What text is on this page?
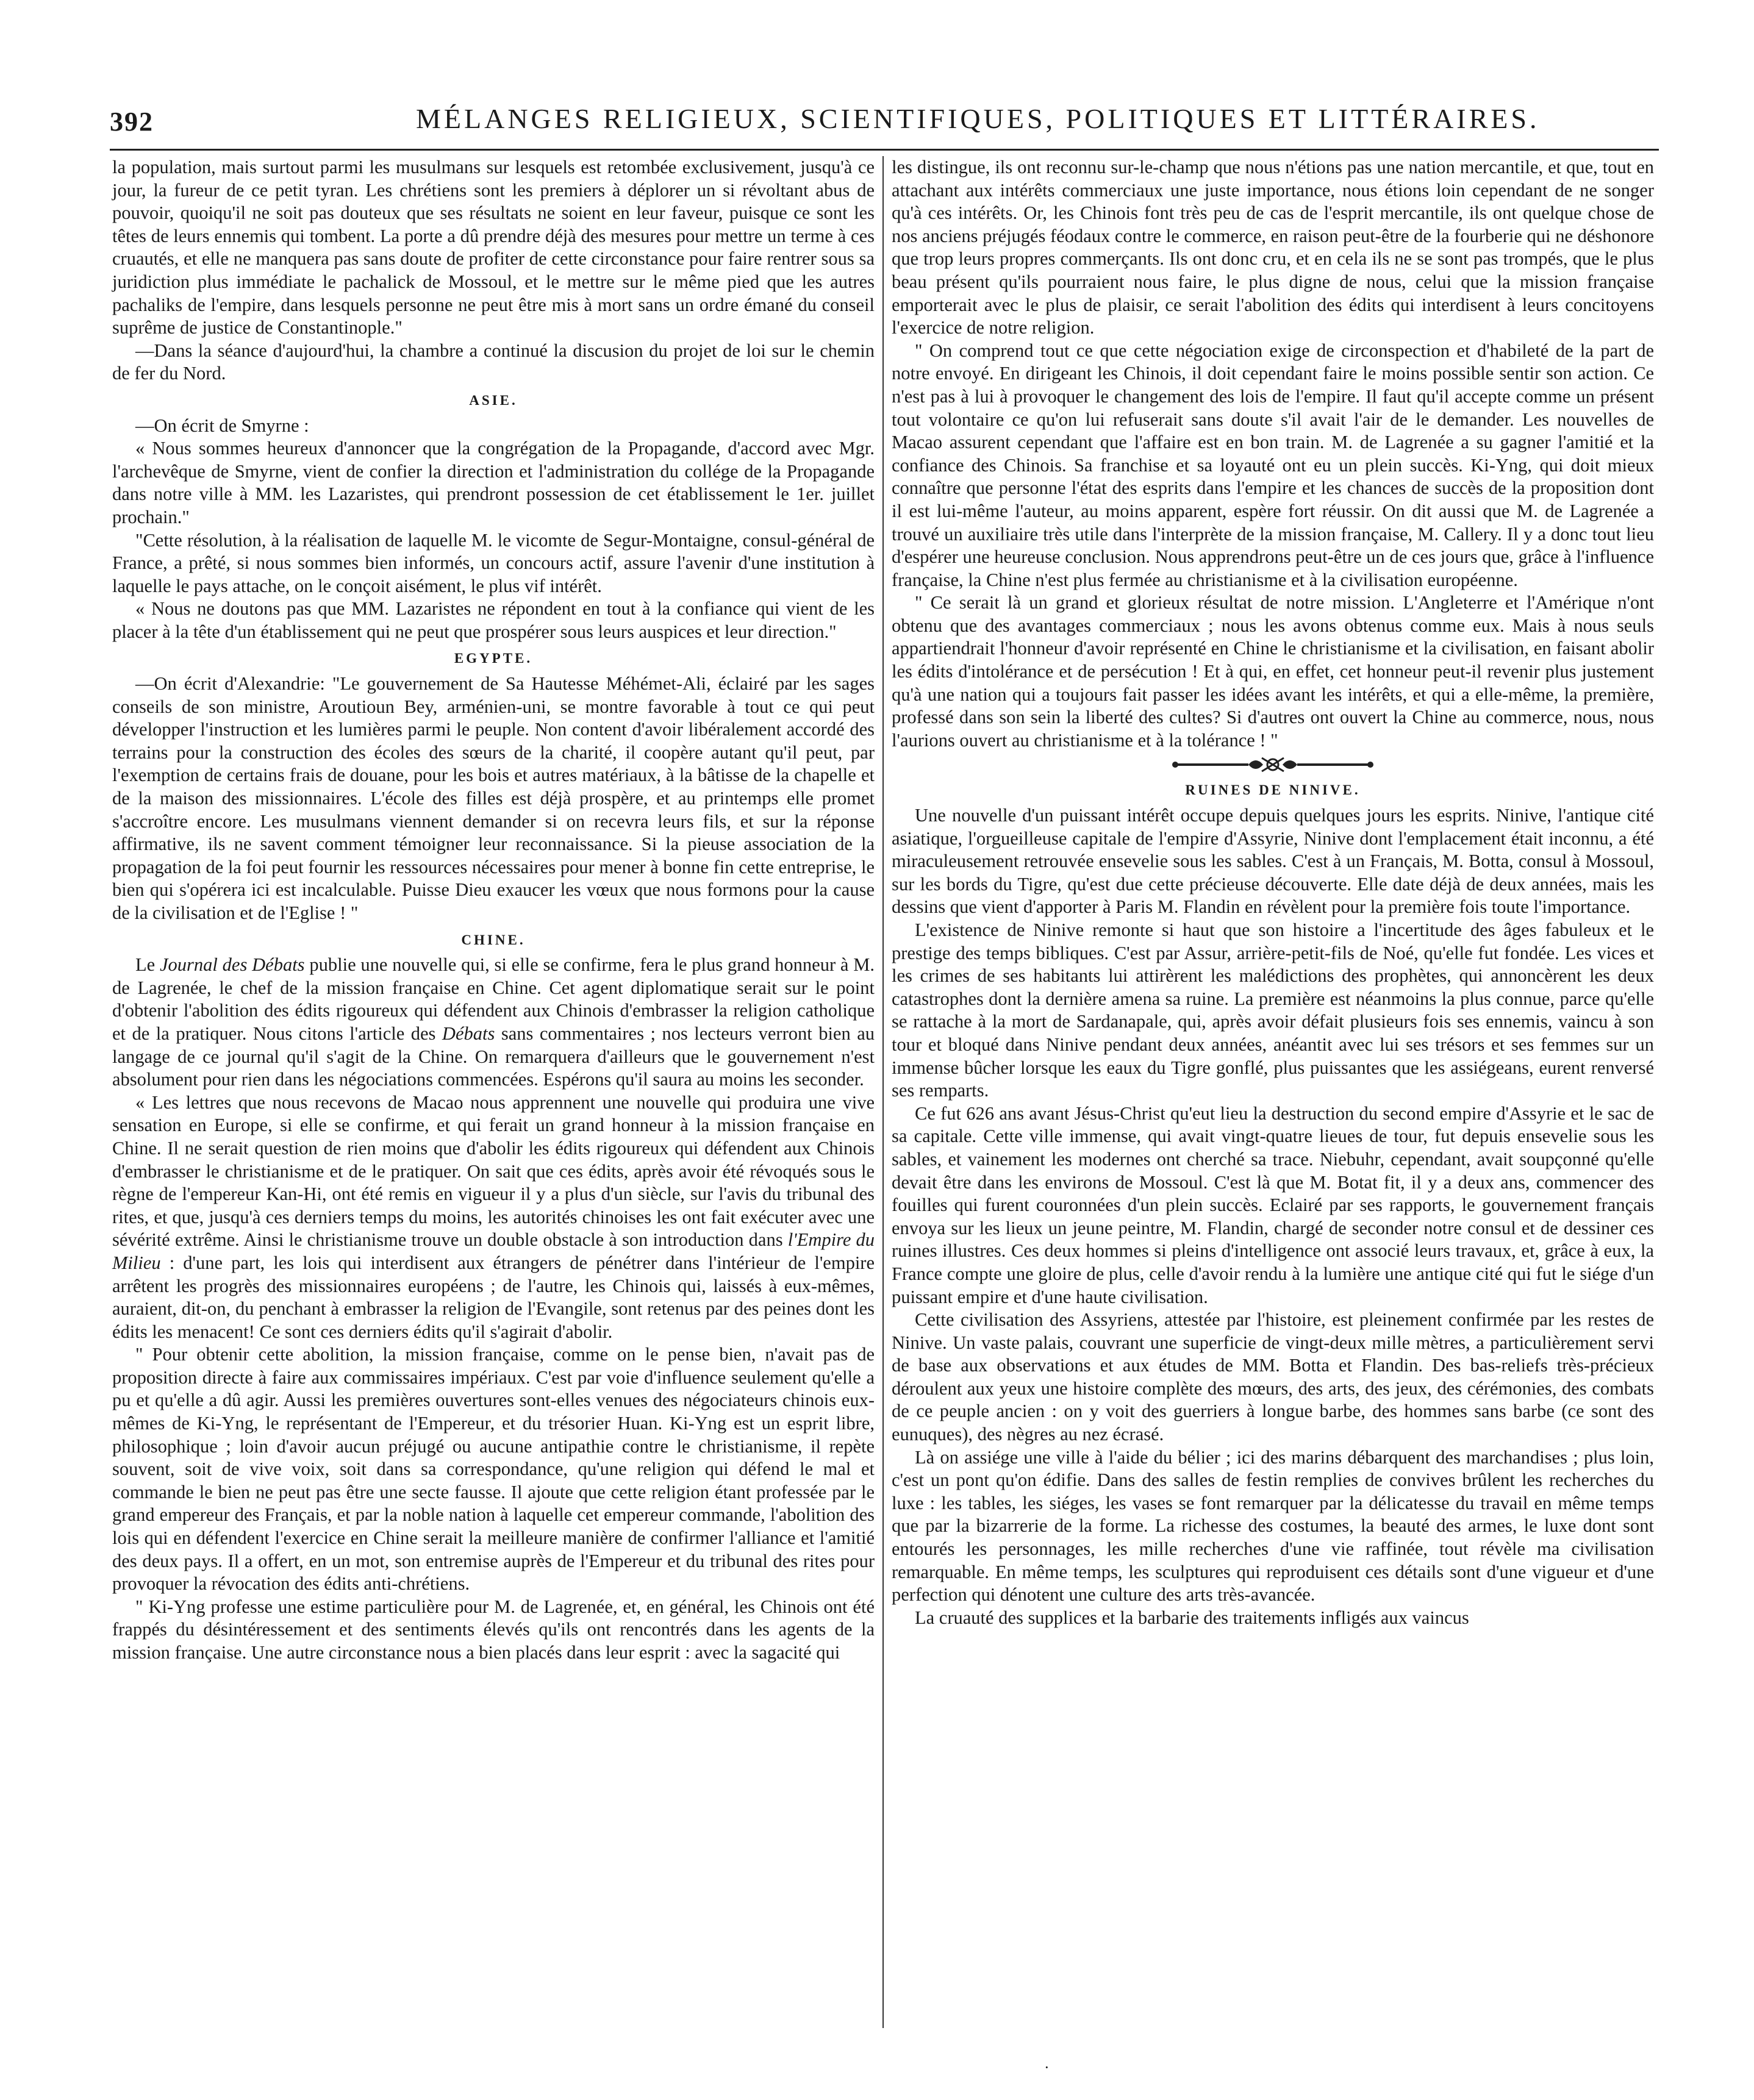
392	MÉLANGES RELIGIEUX, SCIENTIFIQUES, POLITIQUES ET LITTÉRAIRES.

la population, mais surtout parmi les musulmans sur lesquels est retombée exclusivement, jusqu'à ce jour, la fureur de ce petit tyran. Les chrétiens sont les premiers à déplorer un si révoltant abus de pouvoir, quoiqu'il ne soit pas douteux que ses résultats ne soient en leur faveur, puisque ce sont les têtes de leurs ennemis qui tombent. La porte a dû prendre déjà des mesures pour mettre un terme à ces cruautés, et elle ne manquera pas sans doute de profiter de cette circonstance pour faire rentrer sous sa juridiction plus immédiate le pachalick de Mossoul, et le mettre sur le même pied que les autres pachaliks de l'empire, dans lesquels personne ne peut être mis à mort sans un ordre émané du conseil suprême de justice de Constantinople."

—Dans la séance d'aujourd'hui, la chambre a continué la discusion du projet de loi sur le chemin de fer du Nord.

ASIE.

—On écrit de Smyrne :

« Nous sommes heureux d'annoncer que la congrégation de la Propagande, d'accord avec Mgr. l'archevêque de Smyrne, vient de confier la direction et l'administration du collége de la Propagande dans notre ville à MM. les Lazaristes, qui prendront possession de cet établissement le 1er. juillet prochain."

"Cette résolution, à la réalisation de laquelle M. le vicomte de Segur-Montaigne, consul-général de France, a prêté, si nous sommes bien informés, un concours actif, assure l'avenir d'une institution à laquelle le pays attache, on le conçoit aisément, le plus vif intérêt.

« Nous ne doutons pas que MM. Lazaristes ne répondent en tout à la confiance qui vient de les placer à la tête d'un établissement qui ne peut que prospérer sous leurs auspices et leur direction."

EGYPTE.

—On écrit d'Alexandrie: "Le gouvernement de Sa Hautesse Méhémet-Ali, éclairé par les sages conseils de son ministre, Aroutioun Bey, arménien-uni, se montre favorable à tout ce qui peut développer l'instruction et les lumières parmi le peuple. Non content d'avoir libéralement accordé des terrains pour la construction des écoles des sœurs de la charité, il coopère autant qu'il peut, par l'exemption de certains frais de douane, pour les bois et autres matériaux, à la bâtisse de la chapelle et de la maison des missionnaires. L'école des filles est déjà prospère, et au printemps elle promet s'accroître encore. Les musulmans viennent demander si on recevra leurs fils, et sur la réponse affirmative, ils ne savent comment témoigner leur reconnaissance. Si la pieuse association de la propagation de la foi peut fournir les ressources nécessaires pour mener à bonne fin cette entreprise, le bien qui s'opérera ici est incalculable. Puisse Dieu exaucer les vœux que nous formons pour la cause de la civilisation et de l'Eglise ! "

CHINE.

Le Journal des Débats publie une nouvelle qui, si elle se confirme, fera le plus grand honneur à M. de Lagrenée, le chef de la mission française en Chine. Cet agent diplomatique serait sur le point d'obtenir l'abolition des édits rigoureux qui défendent aux Chinois d'embrasser la religion catholique et de la pratiquer. Nous citons l'article des Débats sans commentaires ; nos lecteurs verront bien au langage de ce journal qu'il s'agit de la Chine. On remarquera d'ailleurs que le gouvernement n'est absolument pour rien dans les négociations commencées. Espérons qu'il saura au moins les seconder.

« Les lettres que nous recevons de Macao nous apprennent une nouvelle qui produira une vive sensation en Europe, si elle se confirme, et qui ferait un grand honneur à la mission française en Chine. Il ne serait question de rien moins que d'abolir les édits rigoureux qui défendent aux Chinois d'embrasser le christianisme et de le pratiquer. On sait que ces édits, après avoir été révoqués sous le règne de l'empereur Kan-Hi, ont été remis en vigueur il y a plus d'un siècle, sur l'avis du tribunal des rites, et que, jusqu'à ces derniers temps du moins, les autorités chinoises les ont fait exécuter avec une sévérité extrême. Ainsi le christianisme trouve un double obstacle à son introduction dans l'Empire du Milieu : d'une part, les lois qui interdisent aux étrangers de pénétrer dans l'intérieur de l'empire arrêtent les progrès des missionnaires européens ; de l'autre, les Chinois qui, laissés à eux-mêmes, auraient, dit-on, du penchant à embrasser la religion de l'Evangile, sont retenus par des peines dont les édits les menacent! Ce sont ces derniers édits qu'il s'agirait d'abolir.

" Pour obtenir cette abolition, la mission française, comme on le pense bien, n'avait pas de proposition directe à faire aux commissaires impériaux. C'est par voie d'influence seulement qu'elle a pu et qu'elle a dû agir. Aussi les premières ouvertures sont-elles venues des négociateurs chinois eux-mêmes de Ki-Yng, le représentant de l'Empereur, et du trésorier Huan. Ki-Yng est un esprit libre, philosophique ; loin d'avoir aucun préjugé ou aucune antipathie contre le christianisme, il repète souvent, soit de vive voix, soit dans sa correspondance, qu'une religion qui défend le mal et commande le bien ne peut pas être une secte fausse. Il ajoute que cette religion étant professée par le grand empereur des Français, et par la noble nation à laquelle cet empereur commande, l'abolition des lois qui en défendent l'exercice en Chine serait la meilleure manière de confirmer l'alliance et l'amitié des deux pays. Il a offert, en un mot, son entremise auprès de l'Empereur et du tribunal des rites pour provoquer la révocation des édits anti-chrétiens.

" Ki-Yng professe une estime particulière pour M. de Lagrenée, et, en général, les Chinois ont été frappés du désintéressement et des sentiments élevés qu'ils ont rencontrés dans les agents de la mission française. Une autre circonstance nous a bien placés dans leur esprit : avec la sagacité qui

les distingue, ils ont reconnu sur-le-champ que nous n'étions pas une nation mercantile, et que, tout en attachant aux intérêts commerciaux une juste importance, nous étions loin cependant de ne songer qu'à ces intérêts. Or, les Chinois font très peu de cas de l'esprit mercantile, ils ont quelque chose de nos anciens préjugés féodaux contre le commerce, en raison peut-être de la fourberie qui ne déshonore que trop leurs propres commerçants. Ils ont donc cru, et en cela ils ne se sont pas trompés, que le plus beau présent qu'ils pourraient nous faire, le plus digne de nous, celui que la mission française emporterait avec le plus de plaisir, ce serait l'abolition des édits qui interdisent à leurs concitoyens l'exercice de notre religion.

" On comprend tout ce que cette négociation exige de circonspection et d'habileté de la part de notre envoyé. En dirigeant les Chinois, il doit cependant faire le moins possible sentir son action. Ce n'est pas à lui à provoquer le changement des lois de l'empire. Il faut qu'il accepte comme un présent tout volontaire ce qu'on lui refuserait sans doute s'il avait l'air de le demander. Les nouvelles de Macao assurent cependant que l'affaire est en bon train. M. de Lagrenée a su gagner l'amitié et la confiance des Chinois. Sa franchise et sa loyauté ont eu un plein succès. Ki-Yng, qui doit mieux connaître que personne l'état des esprits dans l'empire et les chances de succès de la proposition dont il est lui-même l'auteur, au moins apparent, espère fort réussir. On dit aussi que M. de Lagrenée a trouvé un auxiliaire très utile dans l'interprète de la mission française, M. Callery. Il y a donc tout lieu d'espérer une heureuse conclusion. Nous apprendrons peut-être un de ces jours que, grâce à l'influence française, la Chine n'est plus fermée au christianisme et à la civilisation européenne.

" Ce serait là un grand et glorieux résultat de notre mission. L'Angleterre et l'Amérique n'ont obtenu que des avantages commerciaux ; nous les avons obtenus comme eux. Mais à nous seuls appartiendrait l'honneur d'avoir représenté en Chine le christianisme et la civilisation, en faisant abolir les édits d'intolérance et de persécution ! Et à qui, en effet, cet honneur peut-il revenir plus justement qu'à une nation qui a toujours fait passer les idées avant les intérêts, et qui a elle-même, la première, professé dans son sein la liberté des cultes? Si d'autres ont ouvert la Chine au commerce, nous, nous l'aurions ouvert au christianisme et à la tolérance ! "

RUINES DE NINIVE.

Une nouvelle d'un puissant intérêt occupe depuis quelques jours les esprits. Ninive, l'antique cité asiatique, l'orgueilleuse capitale de l'empire d'Assyrie, Ninive dont l'emplacement était inconnu, a été miraculeusement retrouvée ensevelie sous les sables. C'est à un Français, M. Botta, consul à Mossoul, sur les bords du Tigre, qu'est due cette précieuse découverte. Elle date déjà de deux années, mais les dessins que vient d'apporter à Paris M. Flandin en révèlent pour la première fois toute l'importance.

L'existence de Ninive remonte si haut que son histoire a l'incertitude des âges fabuleux et le prestige des temps bibliques. C'est par Assur, arrière-petit-fils de Noé, qu'elle fut fondée. Les vices et les crimes de ses habitants lui attirèrent les malédictions des prophètes, qui annoncèrent les deux catastrophes dont la dernière amena sa ruine. La première est néanmoins la plus connue, parce qu'elle se rattache à la mort de Sardanapale, qui, après avoir défait plusieurs fois ses ennemis, vaincu à son tour et bloqué dans Ninive pendant deux années, anéantit avec lui ses trésors et ses femmes sur un immense bûcher lorsque les eaux du Tigre gonflé, plus puissantes que les assiégeans, eurent renversé ses remparts.

Ce fut 626 ans avant Jésus-Christ qu'eut lieu la destruction du second empire d'Assyrie et le sac de sa capitale. Cette ville immense, qui avait vingt-quatre lieues de tour, fut depuis ensevelie sous les sables, et vainement les modernes ont cherché sa trace. Niebuhr, cependant, avait soupçonné qu'elle devait être dans les environs de Mossoul. C'est là que M. Botat fit, il y a deux ans, commencer des fouilles qui furent couronnées d'un plein succès. Eclairé par ses rapports, le gouvernement français envoya sur les lieux un jeune peintre, M. Flandin, chargé de seconder notre consul et de dessiner ces ruines illustres. Ces deux hommes si pleins d'intelligence ont associé leurs travaux, et, grâce à eux, la France compte une gloire de plus, celle d'avoir rendu à la lumière une antique cité qui fut le siége d'un puissant empire et d'une haute civilisation.

Cette civilisation des Assyriens, attestée par l'histoire, est pleinement confirmée par les restes de Ninive. Un vaste palais, couvrant une superficie de vingt-deux mille mètres, a particulièrement servi de base aux observations et aux études de MM. Botta et Flandin. Des bas-reliefs très-précieux déroulent aux yeux une histoire complète des mœurs, des arts, des jeux, des cérémonies, des combats de ce peuple ancien : on y voit des guerriers à longue barbe, des hommes sans barbe (ce sont des eunuques), des nègres au nez écrasé.

Là on assiége une ville à l'aide du bélier ; ici des marins débarquent des marchandises ; plus loin, c'est un pont qu'on édifie. Dans des salles de festin remplies de convives brûlent les recherches du luxe : les tables, les siéges, les vases se font remarquer par la délicatesse du travail en même temps que par la bizarrerie de la forme. La richesse des costumes, la beauté des armes, le luxe dont sont entourés les personnages, les mille recherches d'une vie raffinée, tout révèle ma civilisation remarquable. En même temps, les sculptures qui reproduisent ces détails sont d'une vigueur et d'une perfection qui dénotent une culture des arts très-avancée.

La cruauté des supplices et la barbarie des traitements infligés aux vaincus

·
